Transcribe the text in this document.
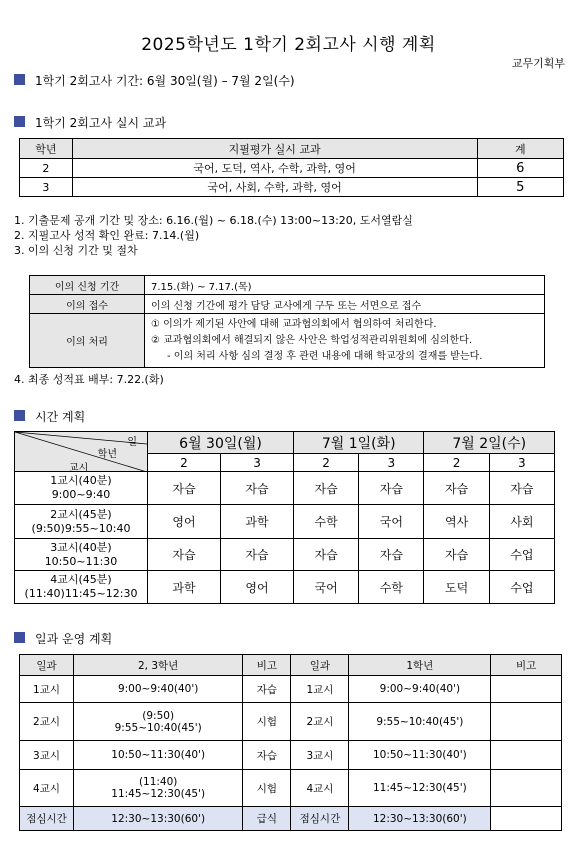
2025학년도 1학기 2회고사 시행 계획
교무기획부
1학기 2회고사 기간: 6월 30일(월) – 7월 2일(수)
1학기 2회고사 실시 교과
학년	지필평가 실시 교과	계
2	국어, 도덕, 역사, 수학, 과학, 영어	6
3	국어, 사회, 수학, 과학, 영어	5
1. 기출문제 공개 기간 및 장소: 6.16.(월) ~ 6.18.(수) 13:00~13:20, 도서열람실
2. 지필고사 성적 확인 완료: 7.14.(월)
3. 이의 신청 기간 및 절차
이의 신청 기간	7.15.(화) ~ 7.17.(목)
이의 접수	이의 신청 기간에 평가 담당 교사에게 구두 또는 서면으로 접수
이의 처리	① 이의가 제기된 사안에 대해 교과협의회에서 협의하여 처리한다.
② 교과협의회에서 해결되지 않은 사안은 학업성적관리위원회에 심의한다.
- 이의 처리 사항 심의 결정 후 관련 내용에 대해 학교장의 결재를 받는다.
4. 최종 성적표 배부: 7.22.(화)
시간 계획
일
학년
교시	6월 30일(월)		7월 1일(화)		7월 2일(수)	
	2	3	2	3	2	3

1교시(40분)
9:00~9:40	자습	자습	자습	자습	자습	자습

2교시(45분)
(9:50)9:55~10:40	영어	과학	수학	국어	역사	사회

3교시(40분)
10:50~11:30	자습	자습	자습	자습	자습	수업

4교시(45분)
(11:40)11:45~12:30	과학	영어	국어	수학	도덕	수업
일과 운영 계획
일과	2, 3학년	비고	일과	1학년	비고
1교시	9:00~9:40(40')	자습	1교시	9:00~9:40(40')	
2교시	(9:50)
9:55~10:40(45')	시험	2교시	9:55~10:40(45')	
3교시	10:50~11:30(40')	자습	3교시	10:50~11:30(40')	
4교시	(11:40)
11:45~12:30(45')	시험	4교시	11:45~12:30(45')	
점심시간	12:30~13:30(60')	급식	점심시간	12:30~13:30(60')	
